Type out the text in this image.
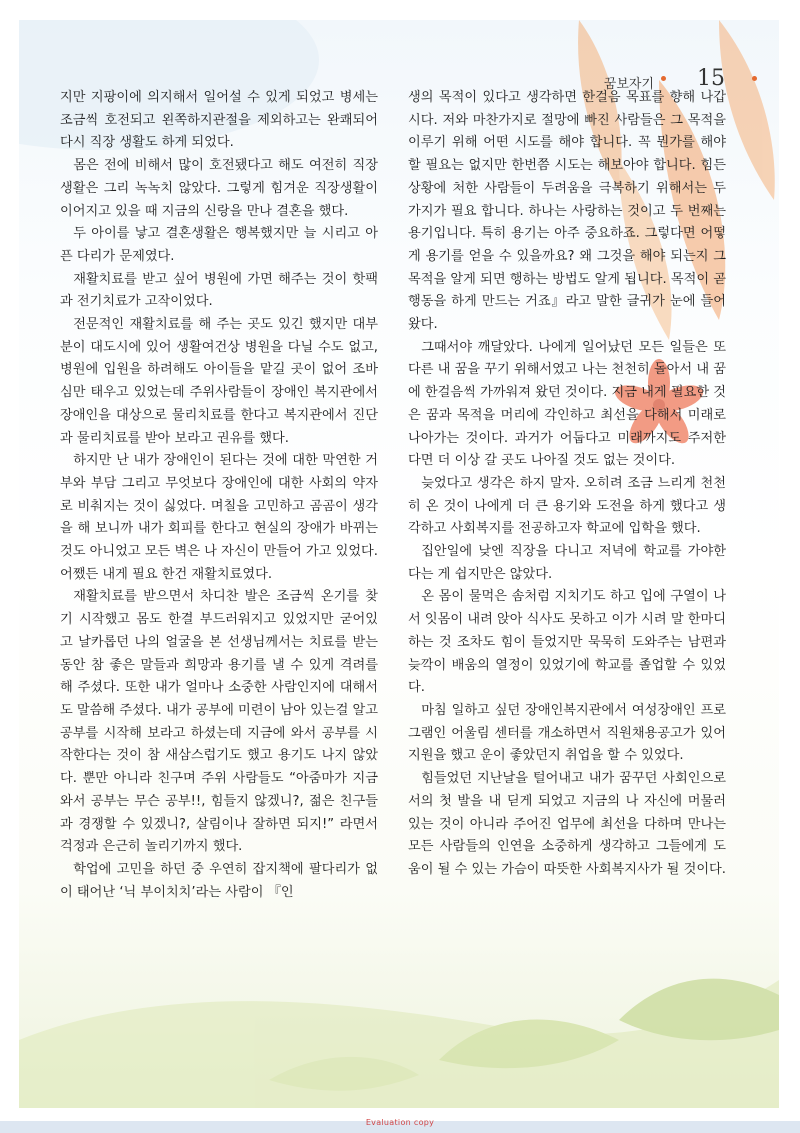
꿈보자기	15

지만 지팡이에 의지해서 일어설 수 있게 되었고 병세는 조금씩 호전되고 왼쪽하지관절을 제외하고는 완쾌되어 다시 직장 생활도 하게 되었다.

몸은 전에 비해서 많이 호전됐다고 해도 여전히 직장생활은 그리 녹녹치 않았다. 그렇게 힘겨운 직장생활이 이어지고 있을 때 지금의 신랑을 만나 결혼을 했다.

두 아이를 낳고 결혼생활은 행복했지만 늘 시리고 아픈 다리가 문제였다.

재활치료를 받고 싶어 병원에 가면 해주는 것이 핫팩과 전기치료가 고작이었다.

전문적인 재활치료를 해 주는 곳도 있긴 했지만 대부분이 대도시에 있어 생활여건상 병원을 다닐 수도 없고, 병원에 입원을 하려해도 아이들을 맡길 곳이 없어 조바심만 태우고 있었는데 주위사람들이 장애인 복지관에서 장애인을 대상으로 물리치료를 한다고 복지관에서 진단과 물리치료를 받아 보라고 권유를 했다.

하지만 난 내가 장애인이 된다는 것에 대한 막연한 거부와 부담 그리고 무엇보다 장애인에 대한 사회의 약자로 비춰지는 것이 싫었다. 며칠을 고민하고 곰곰이 생각을 해 보니까 내가 회피를 한다고 현실의 장애가 바뀌는 것도 아니었고 모든 벽은 나 자신이 만들어 가고 있었다. 어쨌든 내게 필요 한건 재활치료였다.

재활치료를 받으면서 차디찬 발은 조금씩 온기를 찾기 시작했고 몸도 한결 부드러워지고 있었지만 굳어있고 날카롭던 나의 얼굴을 본 선생님께서는 치료를 받는 동안 참 좋은 말들과 희망과 용기를 낼 수 있게 격려를 해 주셨다. 또한 내가 얼마나 소중한 사람인지에 대해서도 말씀해 주셨다. 내가 공부에 미련이 남아 있는걸 알고 공부를 시작해 보라고 하셨는데 지금에 와서 공부를 시작한다는 것이 참 새삼스럽기도 했고 용기도 나지 않았다. 뿐만 아니라 친구며 주위 사람들도 “아줌마가 지금 와서 공부는 무슨 공부!!, 힘들지 않겠니?, 젊은 친구들과 경쟁할 수 있겠니?, 살림이나 잘하면 되지!” 라면서 걱정과 은근히 놀리기까지 했다.

학업에 고민을 하던 중 우연히 잡지책에 팔다리가 없이 태어난 ‘닉 부이치치’라는 사람이 『인

생의 목적이 있다고 생각하면 한걸음 목표를 향해 나갑시다. 저와 마찬가지로 절망에 빠진 사람들은 그 목적을 이루기 위해 어떤 시도를 해야 합니다. 꼭 뭔가를 해야 할 필요는 없지만 한번쯤 시도는 해보아야 합니다. 힘든 상황에 처한 사람들이 두려움을 극복하기 위해서는 두 가지가 필요 합니다. 하나는 사랑하는 것이고 두 번째는 용기입니다. 특히 용기는 아주 중요하죠. 그렇다면 어떻게 용기를 얻을 수 있을까요? 왜 그것을 해야 되는지 그 목적을 알게 되면 행하는 방법도 알게 됩니다. 목적이 곧 행동을 하게 만드는 거죠』라고 말한 글귀가 눈에 들어 왔다.

그때서야 깨달았다. 나에게 일어났던 모든 일들은 또 다른 내 꿈을 꾸기 위해서였고 나는 천천히 돌아서 내 꿈에 한걸음씩 가까워져 왔던 것이다. 지금 내게 필요한 것은 꿈과 목적을 머리에 각인하고 최선을 다해서 미래로 나아가는 것이다. 과거가 어둡다고 미래까지도 주저한다면 더 이상 갈 곳도 나아질 것도 없는 것이다.

늦었다고 생각은 하지 말자. 오히려 조금 느리게 천천히 온 것이 나에게 더 큰 용기와 도전을 하게 했다고 생각하고 사회복지를 전공하고자 학교에 입학을 했다.

집안일에 낮엔 직장을 다니고 저녁에 학교를 가야한다는 게 쉽지만은 않았다.

온 몸이 물먹은 솜처럼 지치기도 하고 입에 구열이 나서 잇몸이 내려 앉아 식사도 못하고 이가 시려 말 한마디 하는 것 조차도 힘이 들었지만 묵묵히 도와주는 남편과 늦깍이 배움의 열정이 있었기에 학교를 졸업할 수 있었다.

마침 일하고 싶던 장애인복지관에서 여성장애인 프로그램인 어울림 센터를 개소하면서 직원채용공고가 있어 지원을 했고 운이 좋았던지 취업을 할 수 있었다.

힘들었던 지난날을 털어내고 내가 꿈꾸던 사회인으로서의 첫 발을 내 딛게 되었고 지금의 나 자신에 머물러 있는 것이 아니라 주어진 업무에 최선을 다하며 만나는 모든 사람들의 인연을 소중하게 생각하고 그들에게 도움이 될 수 있는 가슴이 따뜻한 사회복지사가 될 것이다.

Evaluation copy
